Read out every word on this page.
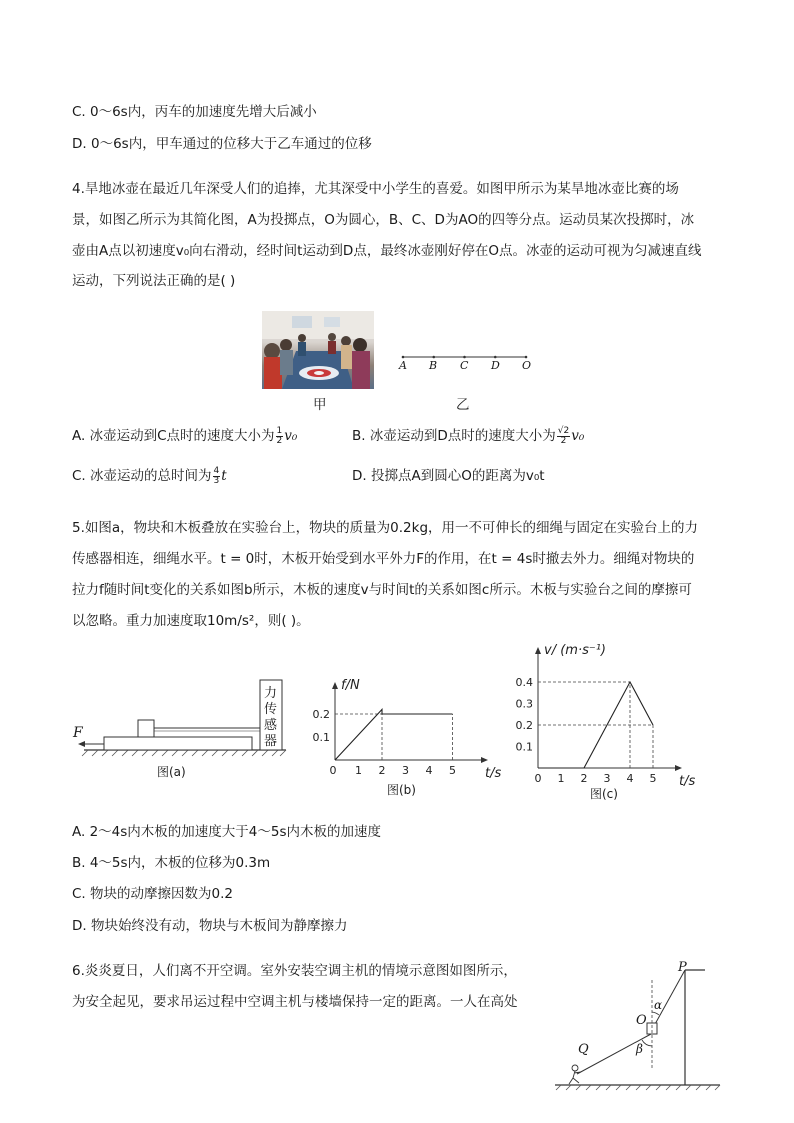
C. 0～6s内，丙车的加速度先增大后减小
D. 0～6s内，甲车通过的位移大于乙车通过的位移
4.旱地冰壶在最近几年深受人们的追捧，尤其深受中小学生的喜爱。如图甲所示为某旱地冰壶比赛的场
景，如图乙所示为其简化图，A为投掷点，O为圆心，B、C、D为AO的四等分点。运动员某次投掷时，冰
壶由A点以初速度v₀向右滑动，经时间t运动到D点，最终冰壶刚好停在O点。冰壶的运动可视为匀减速直线
运动，下列说法正确的是( )
甲
A B C D O
乙
A. 冰壶运动到C点时的速度大小为 $\frac{1}{2} v_0$	B. 冰壶运动到D点时的速度大小为 $\frac{√2}{2} v_0$
C. 冰壶运动的总时间为 $\frac{4}{3}$ t	D. 投掷点A到圆心O的距离为v₀t
5.如图a，物块和木板叠放在实验台上，物块的质量为0.2kg，用一不可伸长的细绳与固定在实验台上的力
传感器相连，细绳水平。t = 0时，木板开始受到水平外力F的作用，在t = 4s时撤去外力。细绳对物块的
拉力f随时间t变化的关系如图b所示，木板的速度v与时间t的关系如图c所示。木板与实验台之间的摩擦可
以忽略。重力加速度取10m/s²，则( )。
F
力
传
感
器
图(a)	1 2 3 4 5
0.1
0.2
t/s
f/N
0
图(b)
0 1 2 3 4 5
0.1
0.2
0.3
0.4
t/s
v/ (m·s⁻¹)
图(c)
A. 2～4s内木板的加速度大于4～5s内木板的加速度
B. 4～5s内，木板的位移为0.3m
C. 物块的动摩擦因数为0.2
D. 物块始终没有动，物块与木板间为静摩擦力
6.炎炎夏日，人们离不开空调。室外安装空调主机的情境示意图如图所示，
为安全起见，要求吊运过程中空调主机与楼墙保持一定的距离。一人在高处
P
O
Q
α
β
